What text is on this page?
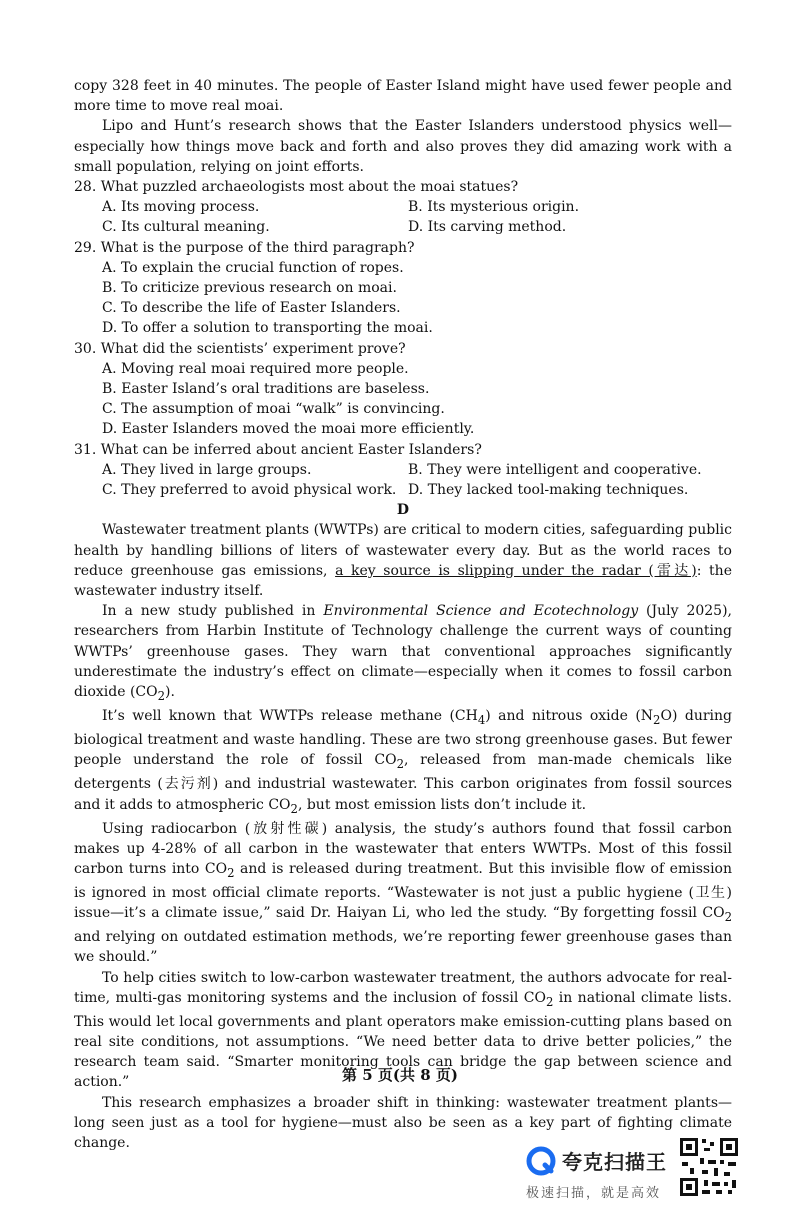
copy 328 feet in 40 minutes. The people of Easter Island might have used fewer people and more time to move real moai.

Lipo and Hunt’s research shows that the Easter Islanders understood physics well—especially how things move back and forth and also proves they did amazing work with a small population, relying on joint efforts.

28. What puzzled archaeologists most about the moai statues?

A. Its moving process.	B. Its mysterious origin.
C. Its cultural meaning.	D. Its carving method.

29. What is the purpose of the third paragraph?

A. To explain the crucial function of ropes.

B. To criticize previous research on moai.

C. To describe the life of Easter Islanders.

D. To offer a solution to transporting the moai.

30. What did the scientists’ experiment prove?

A. Moving real moai required more people.

B. Easter Island’s oral traditions are baseless.

C. The assumption of moai “walk” is convincing.

D. Easter Islanders moved the moai more efficiently.

31. What can be inferred about ancient Easter Islanders?

A. They lived in large groups.	B. They were intelligent and cooperative.
C. They preferred to avoid physical work. D. They lacked tool-making techniques.

D

Wastewater treatment plants (WWTPs) are critical to modern cities, safeguarding public health by handling billions of liters of wastewater every day. But as the world races to reduce greenhouse gas emissions, a key source is slipping under the radar (雷达): the wastewater industry itself.

In a new study published in Environmental Science and Ecotechnology (July 2025), researchers from Harbin Institute of Technology challenge the current ways of counting WWTPs’ greenhouse gases. They warn that conventional approaches significantly underestimate the industry’s effect on climate—especially when it comes to fossil carbon dioxide $(CO_2)$.

It’s well known that WWTPs release methane $(CH_4)$ and nitrous oxide $(N_2O)$ during biological treatment and waste handling. These are two strong greenhouse gases. But fewer people understand the role of fossil $CO_2$, released from man-made chemicals like detergents (去污剂) and industrial wastewater. This carbon originates from fossil sources and it adds to atmospheric $CO_2$, but most emission lists don’t include it.

Using radiocarbon (放射性碳) analysis, the study’s authors found that fossil carbon makes up 4-28% of all carbon in the wastewater that enters WWTPs. Most of this fossil carbon turns into $CO_2$ and is released during treatment. But this invisible flow of emission is ignored in most official climate reports. “Wastewater is not just a public hygiene (卫生) issue—it’s a climate issue,” said Dr. Haiyan Li, who led the study. “By forgetting fossil $CO_2$ and relying on outdated estimation methods, we’re reporting fewer greenhouse gases than we should.”

To help cities switch to low-carbon wastewater treatment, the authors advocate for real-time, multi-gas monitoring systems and the inclusion of fossil $CO_2$ in national climate lists. This would let local governments and plant operators make emission-cutting plans based on real site conditions, not assumptions. “We need better data to drive better policies,” the research team said. “Smarter monitoring tools can bridge the gap between science and action.”

This research emphasizes a broader shift in thinking: wastewater treatment plants—long seen just as a tool for hygiene—must also be seen as a key part of fighting climate change.

第 5 页(共 8 页)
夸克扫描王
极速扫描，就是高效
